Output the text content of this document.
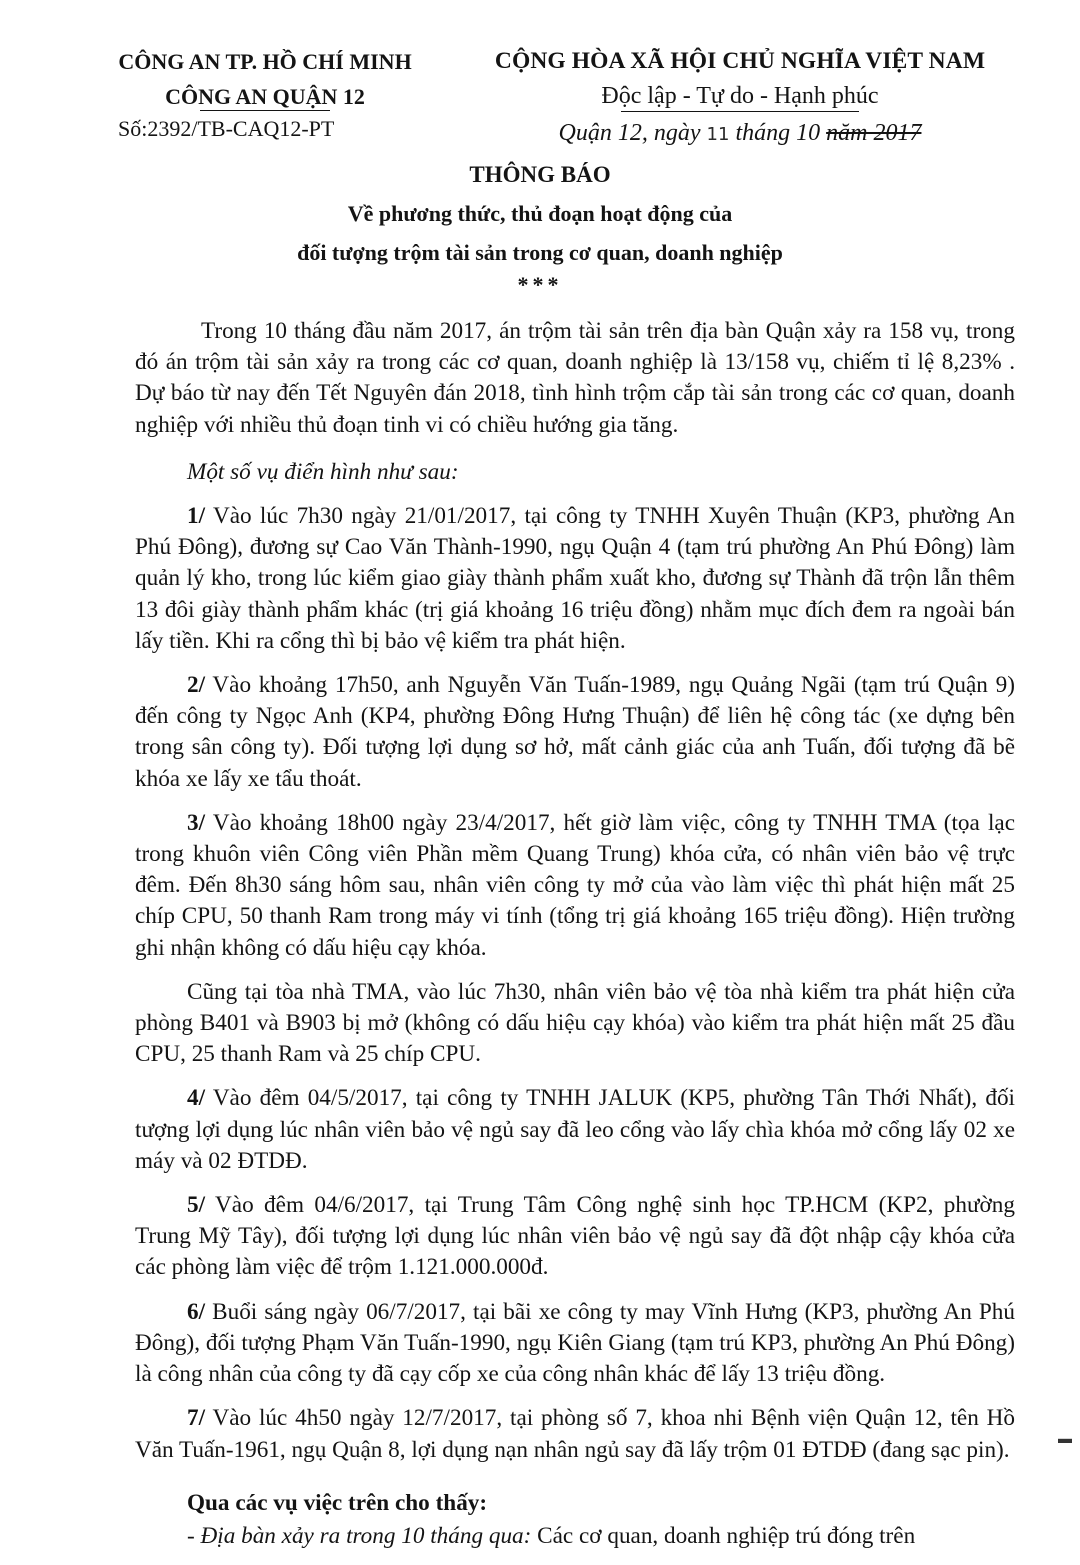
CÔNG AN TP. HỒ CHÍ MINH
CÔNG AN QUẬN 12
Số:2392/TB-CAQ12-PT
CỘNG HÒA XÃ HỘI CHỦ NGHĨA VIỆT NAM
Độc lập - Tự do - Hạnh phúc
Quận 12, ngày 11 tháng 10 năm 2017
THÔNG BÁO
Về phương thức, thủ đoạn hoạt động của
đối tượng trộm tài sản trong cơ quan, doanh nghiệp
***

Trong 10 tháng đầu năm 2017, án trộm tài sản trên địa bàn Quận xảy ra 158 vụ, trong đó án trộm tài sản xảy ra trong các cơ quan, doanh nghiệp là 13/158 vụ, chiếm tỉ lệ 8,23% . Dự báo từ nay đến Tết Nguyên đán 2018, tình hình trộm cắp tài sản trong các cơ quan, doanh nghiệp với nhiều thủ đoạn tinh vi có chiều hướng gia tăng.

Một số vụ điển hình như sau:

1/ Vào lúc 7h30 ngày 21/01/2017, tại công ty TNHH Xuyên Thuận (KP3, phường An Phú Đông), đương sự Cao Văn Thành-1990, ngụ Quận 4 (tạm trú phường An Phú Đông) làm quản lý kho, trong lúc kiểm giao giày thành phẩm xuất kho, đương sự Thành đã trộn lẫn thêm 13 đôi giày thành phẩm khác (trị giá khoảng 16 triệu đồng) nhằm mục đích đem ra ngoài bán lấy tiền. Khi ra cổng thì bị bảo vệ kiểm tra phát hiện.

2/ Vào khoảng 17h50, anh Nguyễn Văn Tuấn-1989, ngụ Quảng Ngãi (tạm trú Quận 9) đến công ty Ngọc Anh (KP4, phường Đông Hưng Thuận) để liên hệ công tác (xe dựng bên trong sân công ty). Đối tượng lợi dụng sơ hở, mất cảnh giác của anh Tuấn, đối tượng đã bẽ khóa xe lấy xe tẩu thoát.

3/ Vào khoảng 18h00 ngày 23/4/2017, hết giờ làm việc, công ty TNHH TMA (tọa lạc trong khuôn viên Công viên Phần mềm Quang Trung) khóa cửa, có nhân viên bảo vệ trực đêm. Đến 8h30 sáng hôm sau, nhân viên công ty mở của vào làm việc thì phát hiện mất 25 chíp CPU, 50 thanh Ram trong máy vi tính (tổng trị giá khoảng 165 triệu đồng). Hiện trường ghi nhận không có dấu hiệu cạy khóa.

Cũng tại tòa nhà TMA, vào lúc 7h30, nhân viên bảo vệ tòa nhà kiểm tra phát hiện cửa phòng B401 và B903 bị mở (không có dấu hiệu cạy khóa) vào kiểm tra phát hiện mất 25 đầu CPU, 25 thanh Ram và 25 chíp CPU.

4/ Vào đêm 04/5/2017, tại công ty TNHH JALUK (KP5, phường Tân Thới Nhất), đối tượng lợi dụng lúc nhân viên bảo vệ ngủ say đã leo cổng vào lấy chìa khóa mở cổng lấy 02 xe máy và 02 ĐTDĐ.

5/ Vào đêm 04/6/2017, tại Trung Tâm Công nghệ sinh học TP.HCM (KP2, phường Trung Mỹ Tây), đối tượng lợi dụng lúc nhân viên bảo vệ ngủ say đã đột nhập cậy khóa cửa các phòng làm việc để trộm 1.121.000.000đ.

6/ Buổi sáng ngày 06/7/2017, tại bãi xe công ty may Vĩnh Hưng (KP3, phường An Phú Đông), đối tượng Phạm Văn Tuấn-1990, ngụ Kiên Giang (tạm trú KP3, phường An Phú Đông) là công nhân của công ty đã cạy cốp xe của công nhân khác để lấy 13 triệu đồng.

7/ Vào lúc 4h50 ngày 12/7/2017, tại phòng số 7, khoa nhi Bệnh viện Quận 12, tên Hồ Văn Tuấn-1961, ngụ Quận 8, lợi dụng nạn nhân ngủ say đã lấy trộm 01 ĐTDĐ (đang sạc pin).

Qua các vụ việc trên cho thấy:

- Địa bàn xảy ra trong 10 tháng qua: Các cơ quan, doanh nghiệp trú đóng trên

▬
